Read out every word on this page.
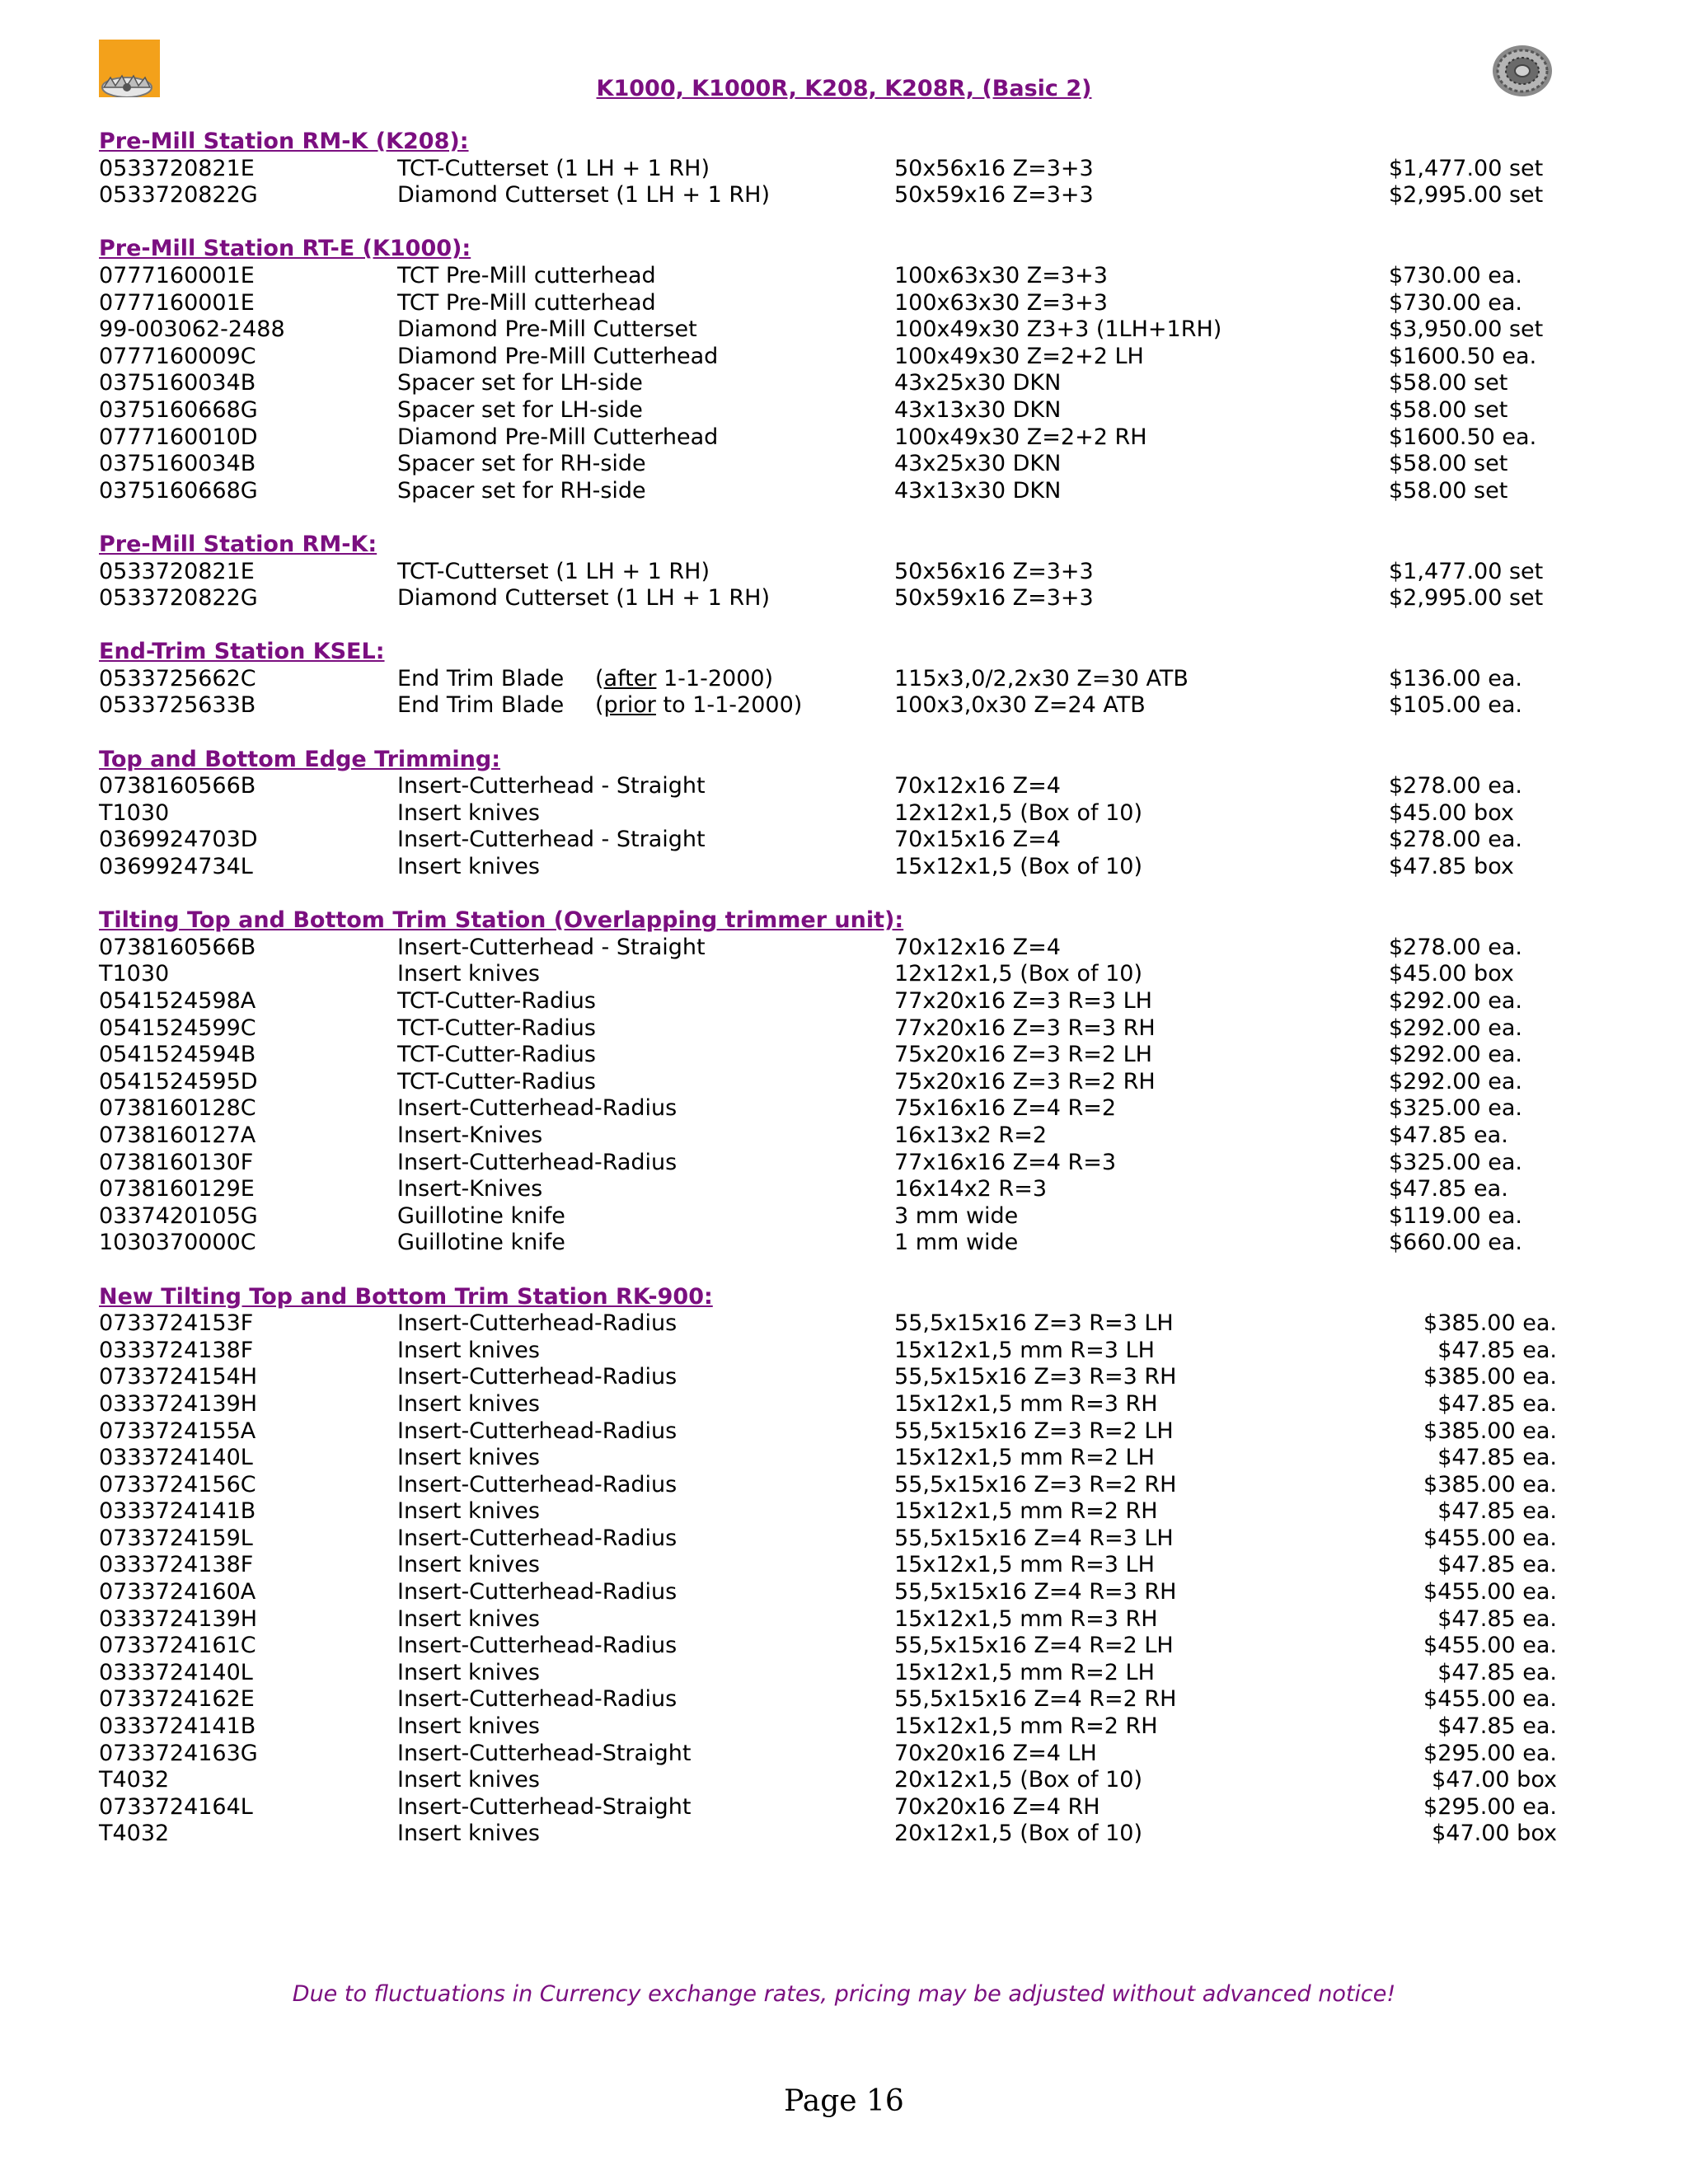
K1000, K1000R, K208, K208R, (Basic 2)
Pre-Mill Station RM-K (K208):
0533720821E	TCT-Cutterset (1 LH + 1 RH)	50x56x16 Z=3+3	$1,477.00 set
0533720822G	Diamond Cutterset (1 LH + 1 RH)	50x59x16 Z=3+3	$2,995.00 set
Pre-Mill Station RT-E (K1000):
0777160001E	TCT Pre-Mill cutterhead	100x63x30 Z=3+3	$730.00 ea.
0777160001E	TCT Pre-Mill cutterhead	100x63x30 Z=3+3	$730.00 ea.
99-003062-2488	Diamond Pre-Mill Cutterset	100x49x30 Z3+3 (1LH+1RH)	$3,950.00 set
0777160009C	Diamond Pre-Mill Cutterhead	100x49x30 Z=2+2 LH	$1600.50 ea.
0375160034B	Spacer set for LH-side	43x25x30 DKN	$58.00 set
0375160668G	Spacer set for LH-side	43x13x30 DKN	$58.00 set
0777160010D	Diamond Pre-Mill Cutterhead	100x49x30 Z=2+2 RH	$1600.50 ea.
0375160034B	Spacer set for RH-side	43x25x30 DKN	$58.00 set
0375160668G	Spacer set for RH-side	43x13x30 DKN	$58.00 set
Pre-Mill Station RM-K:
0533720821E	TCT-Cutterset (1 LH + 1 RH)	50x56x16 Z=3+3	$1,477.00 set
0533720822G	Diamond Cutterset (1 LH + 1 RH)	50x59x16 Z=3+3	$2,995.00 set
End-Trim Station KSEL:
0533725662C	End Trim Blade (after 1-1-2000)	115x3,0/2,2x30 Z=30 ATB	$136.00 ea.
0533725633B	End Trim Blade (prior to 1-1-2000)	100x3,0x30 Z=24 ATB	$105.00 ea.
Top and Bottom Edge Trimming:
0738160566B	Insert-Cutterhead - Straight	70x12x16 Z=4	$278.00 ea.
T1030	Insert knives	12x12x1,5 (Box of 10)	$45.00 box
0369924703D	Insert-Cutterhead - Straight	70x15x16 Z=4	$278.00 ea.
0369924734L	Insert knives	15x12x1,5 (Box of 10)	$47.85 box
Tilting Top and Bottom Trim Station (Overlapping trimmer unit):
0738160566B	Insert-Cutterhead - Straight	70x12x16 Z=4	$278.00 ea.
T1030	Insert knives	12x12x1,5 (Box of 10)	$45.00 box
0541524598A	TCT-Cutter-Radius	77x20x16 Z=3 R=3 LH	$292.00 ea.
0541524599C	TCT-Cutter-Radius	77x20x16 Z=3 R=3 RH	$292.00 ea.
0541524594B	TCT-Cutter-Radius	75x20x16 Z=3 R=2 LH	$292.00 ea.
0541524595D	TCT-Cutter-Radius	75x20x16 Z=3 R=2 RH	$292.00 ea.
0738160128C	Insert-Cutterhead-Radius	75x16x16 Z=4 R=2	$325.00 ea.
0738160127A	Insert-Knives	16x13x2 R=2	$47.85 ea.
0738160130F	Insert-Cutterhead-Radius	77x16x16 Z=4 R=3	$325.00 ea.
0738160129E	Insert-Knives	16x14x2 R=3	$47.85 ea.
0337420105G	Guillotine knife	3 mm wide	$119.00 ea.
1030370000C	Guillotine knife	1 mm wide	$660.00 ea.
New Tilting Top and Bottom Trim Station RK-900:
0733724153F	Insert-Cutterhead-Radius	55,5x15x16 Z=3 R=3 LH	$385.00 ea.
0333724138F	Insert knives	15x12x1,5 mm R=3 LH	$47.85 ea.
0733724154H	Insert-Cutterhead-Radius	55,5x15x16 Z=3 R=3 RH	$385.00 ea.
0333724139H	Insert knives	15x12x1,5 mm R=3 RH	$47.85 ea.
0733724155A	Insert-Cutterhead-Radius	55,5x15x16 Z=3 R=2 LH	$385.00 ea.
0333724140L	Insert knives	15x12x1,5 mm R=2 LH	$47.85 ea.
0733724156C	Insert-Cutterhead-Radius	55,5x15x16 Z=3 R=2 RH	$385.00 ea.
0333724141B	Insert knives	15x12x1,5 mm R=2 RH	$47.85 ea.
0733724159L	Insert-Cutterhead-Radius	55,5x15x16 Z=4 R=3 LH	$455.00 ea.
0333724138F	Insert knives	15x12x1,5 mm R=3 LH	$47.85 ea.
0733724160A	Insert-Cutterhead-Radius	55,5x15x16 Z=4 R=3 RH	$455.00 ea.
0333724139H	Insert knives	15x12x1,5 mm R=3 RH	$47.85 ea.
0733724161C	Insert-Cutterhead-Radius	55,5x15x16 Z=4 R=2 LH	$455.00 ea.
0333724140L	Insert knives	15x12x1,5 mm R=2 LH	$47.85 ea.
0733724162E	Insert-Cutterhead-Radius	55,5x15x16 Z=4 R=2 RH	$455.00 ea.
0333724141B	Insert knives	15x12x1,5 mm R=2 RH	$47.85 ea.
0733724163G	Insert-Cutterhead-Straight	70x20x16 Z=4 LH	$295.00 ea.
T4032	Insert knives	20x12x1,5 (Box of 10)	$47.00 box
0733724164L	Insert-Cutterhead-Straight	70x20x16 Z=4 RH	$295.00 ea.
T4032	Insert knives	20x12x1,5 (Box of 10)	$47.00 box
Due to fluctuations in Currency exchange rates, pricing may be adjusted without advanced notice!
Page 16
